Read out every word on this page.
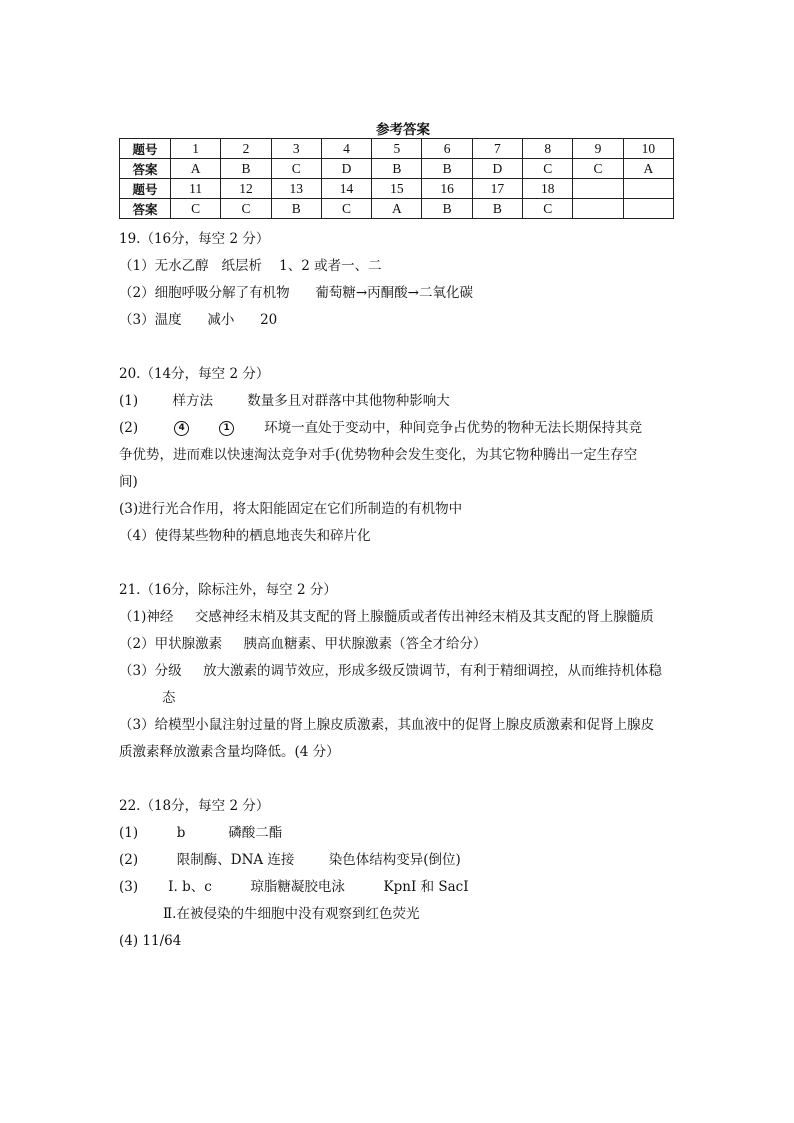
参考答案
题号	1	2	3	4	5	6	7	8	9	10
答案	A	B	C	D	B	B	D	C	C	A
题号	11	12	13	14	15	16	17	18		
答案	C	C	B	C	A	B	B	C		
19.（16分，每空 2 分）
（1）无水乙醇   纸层析    1、2 或者一、二
（2）细胞呼吸分解了有机物      葡萄糖→丙酮酸→二氧化碳
（3）温度      减小      20
20.（14分，每空 2 分）
(1)        样方法        数量多且对群落中其他物种影响大
(2)	4	1	环境一直处于变动中，种间竞争占优势的物种无法长期保持其竞
争优势，进而难以快速淘汰竞争对手(优势物种会发生变化，为其它物种腾出一定生存空
间)
(3)进行光合作用，将太阳能固定在它们所制造的有机物中
（4）使得某些物种的栖息地丧失和碎片化
21.（16分，除标注外，每空 2 分）
（1)神经     交感神经末梢及其支配的肾上腺髓质或者传出神经末梢及其支配的肾上腺髓质
（2）甲状腺激素     胰高血糖素、甲状腺激素（答全才给分）
（3）分级     放大激素的调节效应，形成多级反馈调节，有利于精细调控，从而维持机体稳
态
（3）给模型小鼠注射过量的肾上腺皮质激素，其血液中的促肾上腺皮质激素和促肾上腺皮
质激素释放激素含量均降低。(4 分）
22.（18分，每空 2 分）
(1)         b          磷酸二酯
(2)         限制酶、DNA 连接        染色体结构变异(倒位)
(3)       Ⅰ. b、c         琼脂糖凝胶电泳         KpnI 和 SacI
Ⅱ.在被侵染的牛细胞中没有观察到红色荧光
(4) 11/64
